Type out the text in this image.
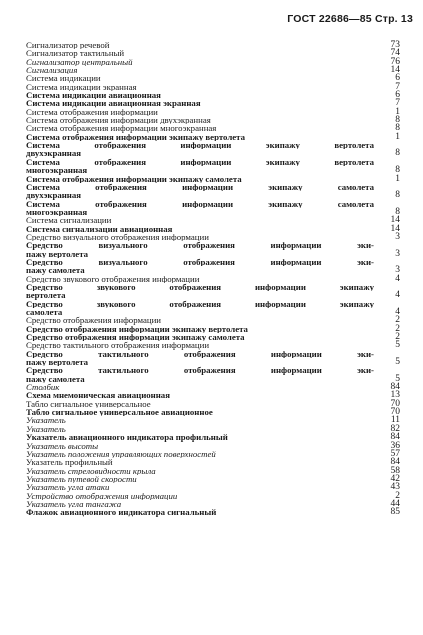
ГОСТ 22686—85 Стр. 13
Сигнализатор речевой	73
Сигнализатор тактильный	74
Сигнализатор центральный	76
Сигнализация	14
Система индикации	6
Система индикации экранная	7
Система индикации авиационная	6
Система индикации авиационная экранная	7
Система отображения информации	1
Система отображения информации двухэкранная	8
Система отображения информации многоэкранная	8
Система отображения информации экипажу вертолета	1
Система отображения информации экипажу вертолета
двухэкранная	8
Система отображения информации экипажу вертолета
многоэкранная	8
Система отображения информации экипажу самолета	1
Система отображения информации экипажу самолета
двухэкранная	8
Система отображения информации экипажу самолета
многоэкранная	8
Система сигнализации	14
Система сигнализации авиационная	14
Средство визуального отображения информации	3
Средство визуального отображения информации эки-
пажу вертолета	3
Средство визуального отображения информации эки-
пажу самолета	3
Средство звукового отображения информации	4
Средство звукового отображения информации экипажу
вертолета	4
Средство звукового отображения информации экипажу
самолета	4
Средство отображения информации	2
Средство отображения информации экипажу вертолета	2
Средство отображения информации экипажу самолета	2
Средство тактильного отображения информации	5
Средство тактильного отображения информации эки-
пажу вертолета	5
Средство тактильного отображения информации эки-
пажу самолета	5
Столбик	84
Схема мнемоническая авиационная	13
Табло сигнальное универсальное	70
Табло сигнальное универсальное авиационное	70
Указатель	11
Указатель	82
Указатель авиационного индикатора профильный	84
Указатель высоты	36
Указатель положения управляющих поверхностей	57
Указатель профильный	84
Указатель стреловидности крыла	58
Указатель путевой скорости	42
Указатель угла атаки	43
Устройство отображения информации	2
Указатель угла тангажа	44
Флажок авиационного индикатора сигнальный	85
